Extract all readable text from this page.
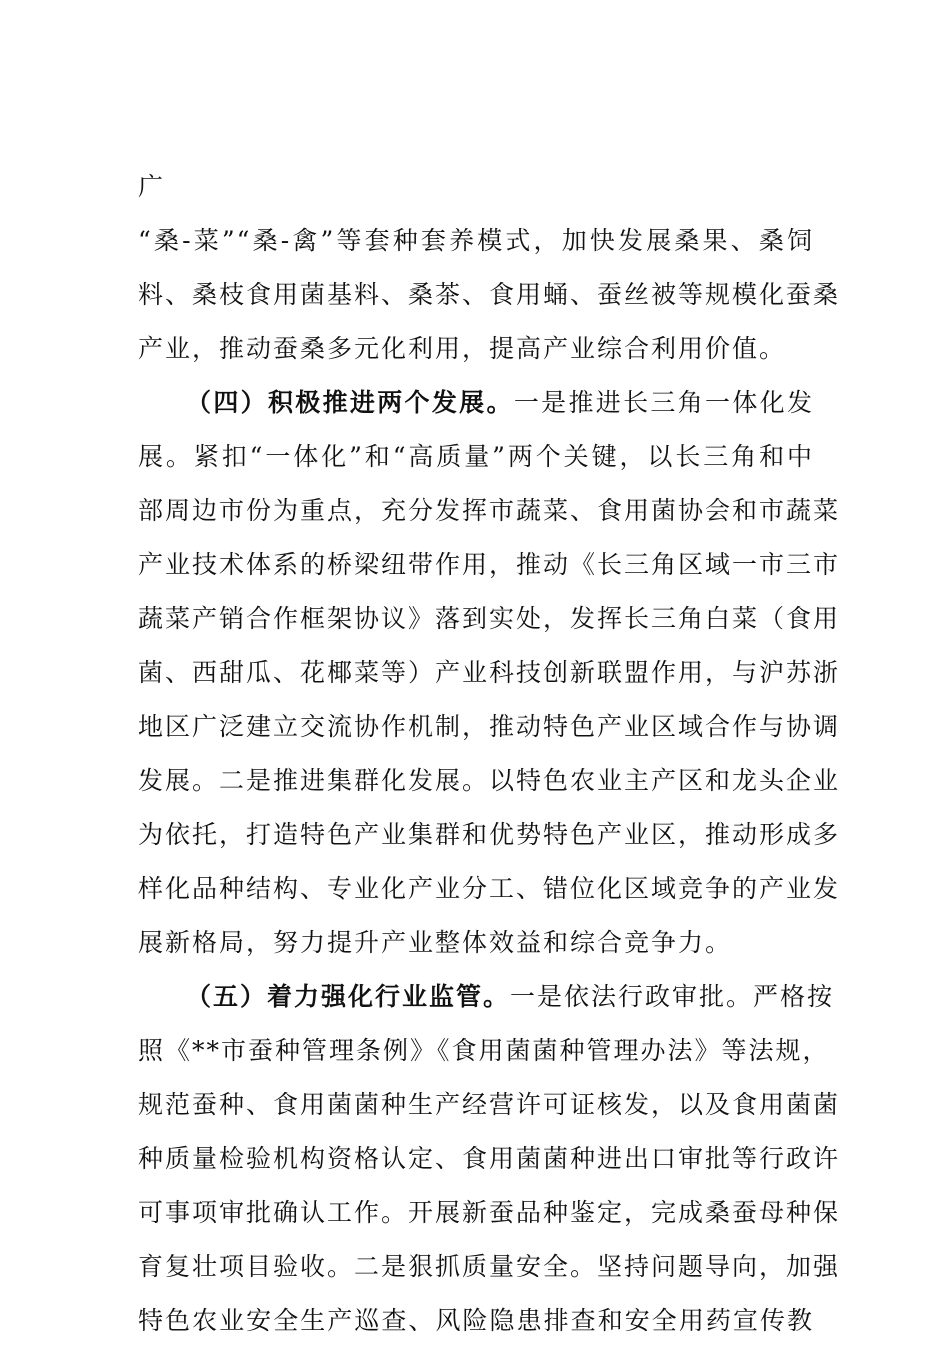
广
“桑-菜”“桑-禽”等套种套养模式，加快发展桑果、桑饲
料、桑枝食用菌基料、桑茶、食用蛹、蚕丝被等规模化蚕桑
产业，推动蚕桑多元化利用，提高产业综合利用价值。
（四）积极推进两个发展。一是推进长三角一体化发
展。紧扣“一体化”和“高质量”两个关键，以长三角和中
部周边市份为重点，充分发挥市蔬菜、食用菌协会和市蔬菜
产业技术体系的桥梁纽带作用，推动《长三角区域一市三市
蔬菜产销合作框架协议》落到实处，发挥长三角白菜（食用
菌、西甜瓜、花椰菜等）产业科技创新联盟作用，与沪苏浙
地区广泛建立交流协作机制，推动特色产业区域合作与协调
发展。二是推进集群化发展。以特色农业主产区和龙头企业
为依托，打造特色产业集群和优势特色产业区，推动形成多
样化品种结构、专业化产业分工、错位化区域竞争的产业发
展新格局，努力提升产业整体效益和综合竞争力。
（五）着力强化行业监管。一是依法行政审批。严格按
照《**市蚕种管理条例》《食用菌菌种管理办法》等法规，
规范蚕种、食用菌菌种生产经营许可证核发，以及食用菌菌
种质量检验机构资格认定、食用菌菌种进出口审批等行政许
可事项审批确认工作。开展新蚕品种鉴定，完成桑蚕母种保
育复壮项目验收。二是狠抓质量安全。坚持问题导向，加强
特色农业安全生产巡查、风险隐患排查和安全用药宣传教
